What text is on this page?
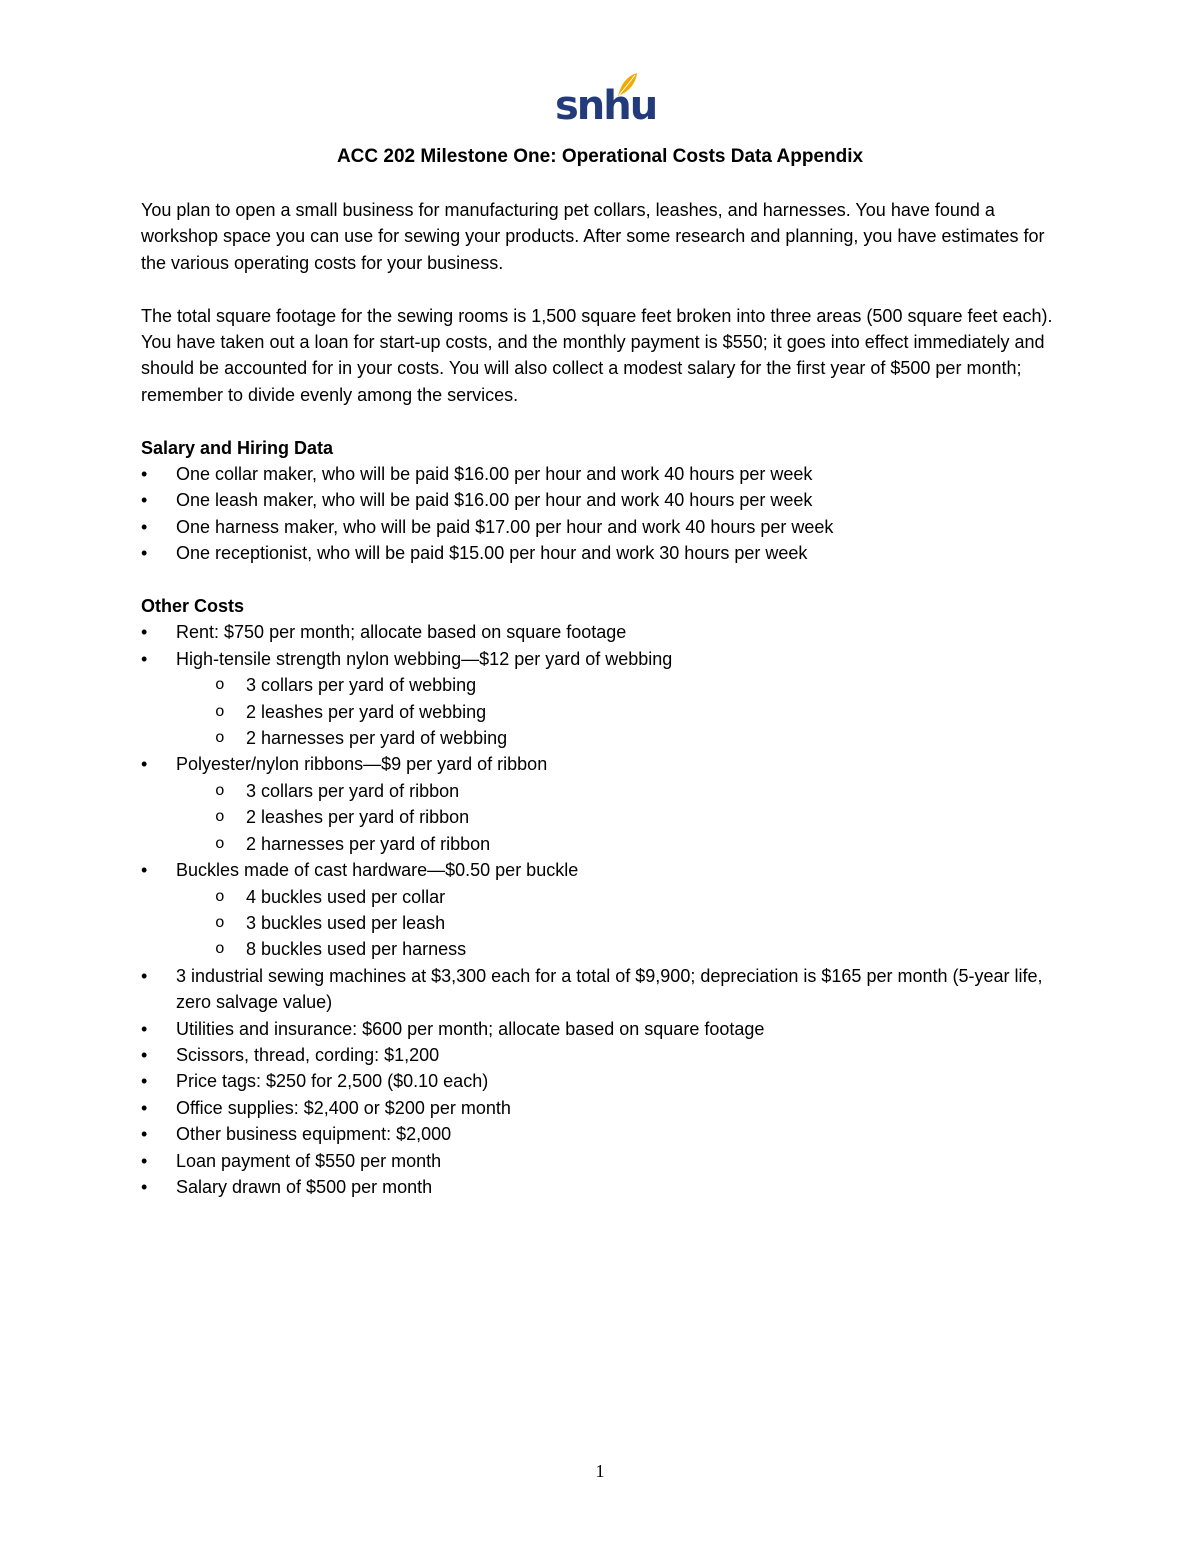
snhu
ACC 202 Milestone One: Operational Costs Data Appendix

You plan to open a small business for manufacturing pet collars, leashes, and harnesses. You have found a workshop space you can use for sewing your products. After some research and planning, you have estimates for the various operating costs for your business.

The total square footage for the sewing rooms is 1,500 square feet broken into three areas (500 square feet each). You have taken out a loan for start-up costs, and the monthly payment is $550; it goes into effect immediately and should be accounted for in your costs. You will also collect a modest salary for the first year of $500 per month; remember to divide evenly among the services.

Salary and Hiring Data
• One collar maker, who will be paid $16.00 per hour and work 40 hours per week
• One leash maker, who will be paid $16.00 per hour and work 40 hours per week
• One harness maker, who will be paid $17.00 per hour and work 40 hours per week
• One receptionist, who will be paid $15.00 per hour and work 30 hours per week
Other Costs
• Rent: $750 per month; allocate based on square footage
• High-tensile strength nylon webbing—$12 per yard of webbing
o 3 collars per yard of webbing
o 2 leashes per yard of webbing
o 2 harnesses per yard of webbing
• Polyester/nylon ribbons—$9 per yard of ribbon
o 3 collars per yard of ribbon
o 2 leashes per yard of ribbon
o 2 harnesses per yard of ribbon
• Buckles made of cast hardware—$0.50 per buckle
o 4 buckles used per collar
o 3 buckles used per leash
o 8 buckles used per harness
• 3 industrial sewing machines at $3,300 each for a total of $9,900; depreciation is $165 per month (5-year life, zero salvage value)
• Utilities and insurance: $600 per month; allocate based on square footage
• Scissors, thread, cording: $1,200
• Price tags: $250 for 2,500 ($0.10 each)
• Office supplies: $2,400 or $200 per month
• Other business equipment: $2,000
• Loan payment of $550 per month
• Salary drawn of $500 per month
1
